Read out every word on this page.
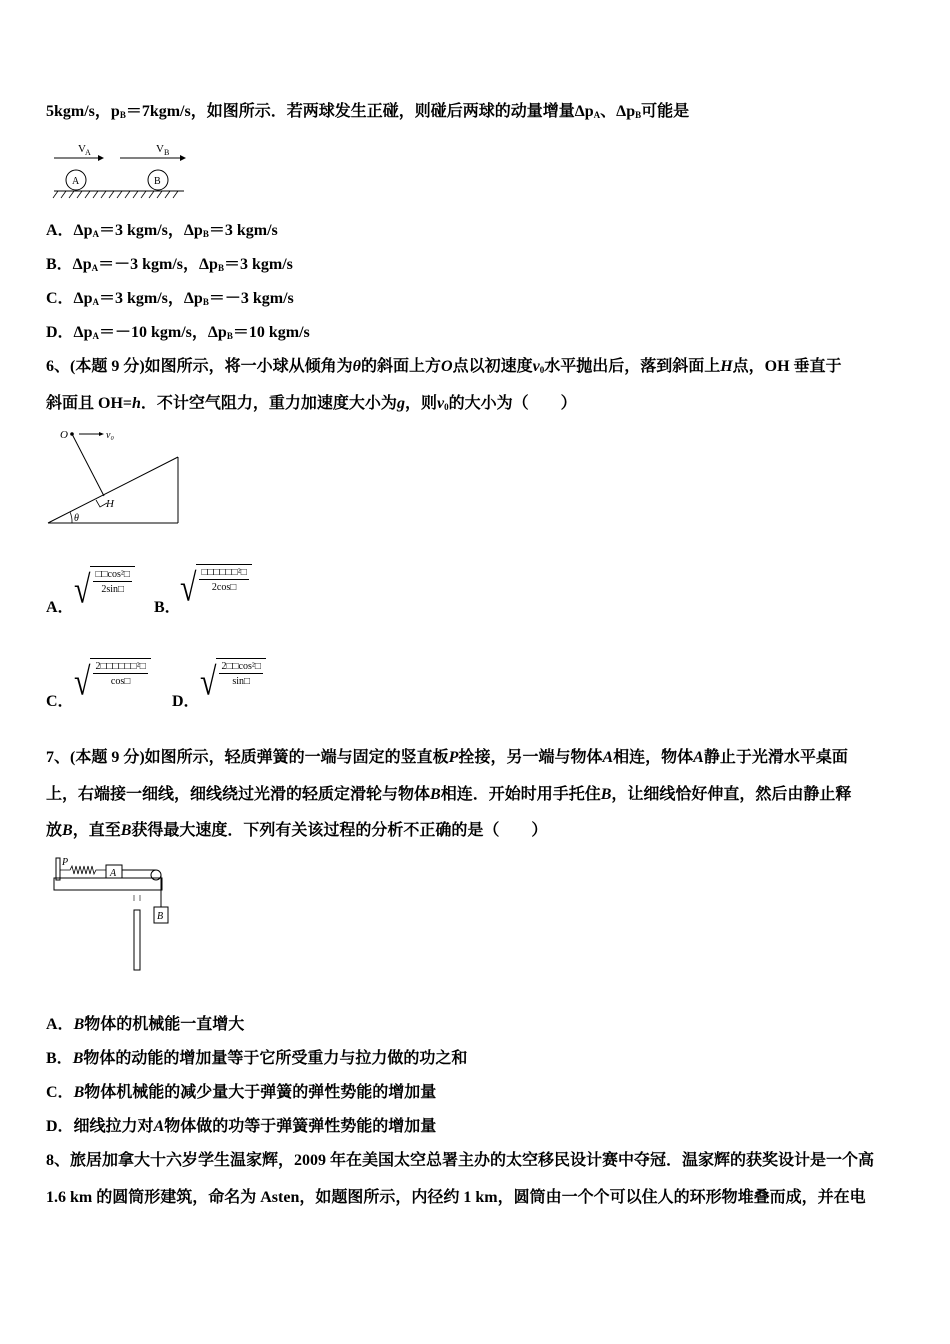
5kgm/s，$p_B=7kgm/s$，如图所示．若两球发生正碰，则碰后两球的动量增量$\Delta p_A$、$\Delta p_B$可能是
V A	V B
A	B
A．$\Delta p_A=3$ kgm/s，$\Delta p_B=3$ kgm/s
B．$\Delta p_A=-3$ kgm/s，$\Delta p_B=3$ kgm/s
C．$\Delta p_A=3$ kgm/s，$\Delta p_B=-3$ kgm/s
D．$\Delta p_A=-10$ kgm/s，$\Delta p_B=10$ kgm/s
6、(本题 9 分)如图所示，将一小球从倾角为θ的斜面上方O点以初速度$v_0$水平抛出后，落到斜面上H点，OH 垂直于
斜面且 OH=h．不计空气阻力，重力加速度大小为g，则$v_0$的大小为（　　）
O	v₀
H
θ
A． √ $\frac{\text{□□cos²□}}{2\sin□}$
B． √ $\frac{\text{□□□□□□²□}}{2\cos□}$
C． √ $\frac{\text{2□□□□□□²□}}{\cos□}$
D． √ $\frac{\text{2□□cos²□}}{\sin□}$
7、(本题 9 分)如图所示，轻质弹簧的一端与固定的竖直板P拴接，另一端与物体A相连，物体A静止于光滑水平桌面
上，右端接一细线，细线绕过光滑的轻质定滑轮与物体B相连．开始时用手托住B，让细线恰好伸直，然后由静止释
放B，直至B获得最大速度．下列有关该过程的分析不正确的是（　　）
A
P
B
A．B物体的机械能一直增大
B．B物体的动能的增加量等于它所受重力与拉力做的功之和
C．B物体机械能的减少量大于弹簧的弹性势能的增加量
D．细线拉力对A物体做的功等于弹簧弹性势能的增加量
8、旅居加拿大十六岁学生温家辉，2009 年在美国太空总署主办的太空移民设计赛中夺冠．温家辉的获奖设计是一个高
1.6 km 的圆筒形建筑，命名为 Asten，如题图所示，内径约 1 km，圆筒由一个个可以住人的环形物堆叠而成，并在电
